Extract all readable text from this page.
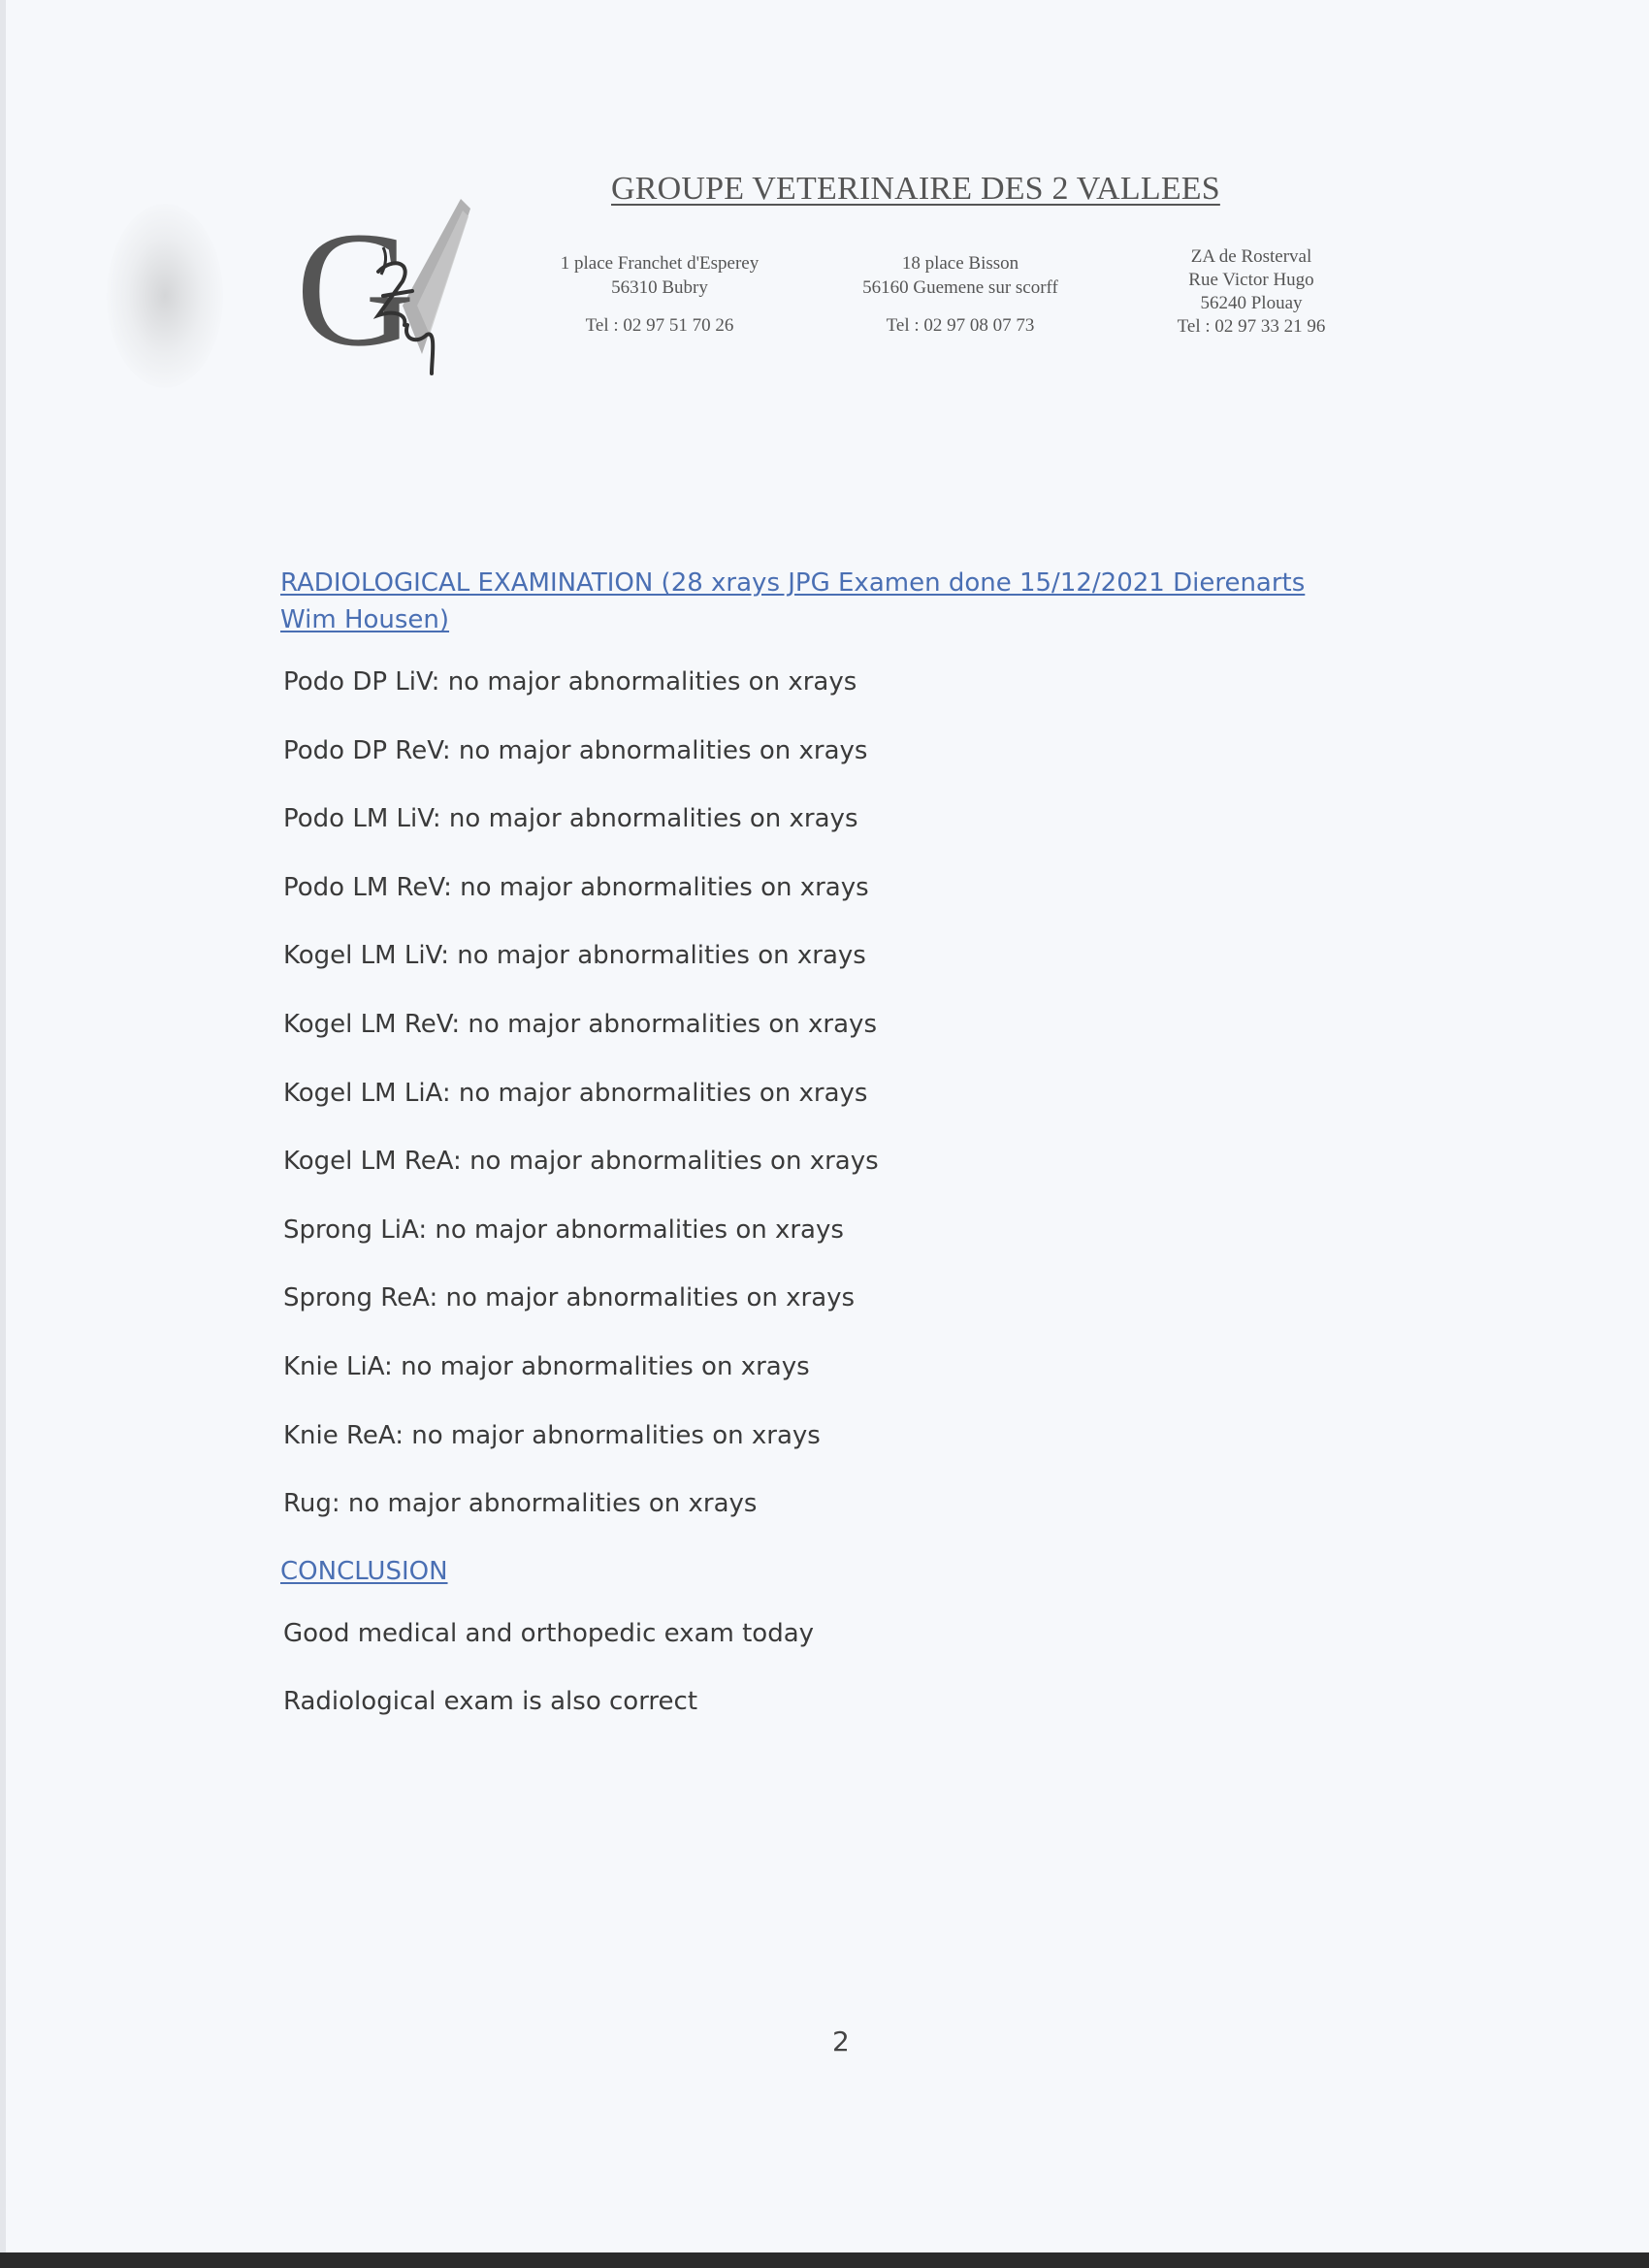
G
GROUPE VETERINAIRE DES 2 VALLEES
1 place Franchet d'Esperey
56310 Bubry
Tel : 02 97 51 70 26
18 place Bisson
56160 Guemene sur scorff
Tel : 02 97 08 07 73
ZA de Rosterval
Rue Victor Hugo
56240 Plouay
Tel : 02 97 33 21 96

RADIOLOGICAL EXAMINATION (28 xrays JPG Examen done 15/12/2021 Dierenarts Wim Housen)

Podo DP LiV: no major abnormalities on xrays

Podo DP ReV: no major abnormalities on xrays

Podo LM LiV: no major abnormalities on xrays

Podo LM ReV: no major abnormalities on xrays

Kogel LM LiV: no major abnormalities on xrays

Kogel LM ReV: no major abnormalities on xrays

Kogel LM LiA: no major abnormalities on xrays

Kogel LM ReA: no major abnormalities on xrays

Sprong LiA: no major abnormalities on xrays

Sprong ReA: no major abnormalities on xrays

Knie LiA: no major abnormalities on xrays

Knie ReA: no major abnormalities on xrays

Rug: no major abnormalities on xrays

CONCLUSION

Good medical and orthopedic exam today

Radiological exam is also correct

2
